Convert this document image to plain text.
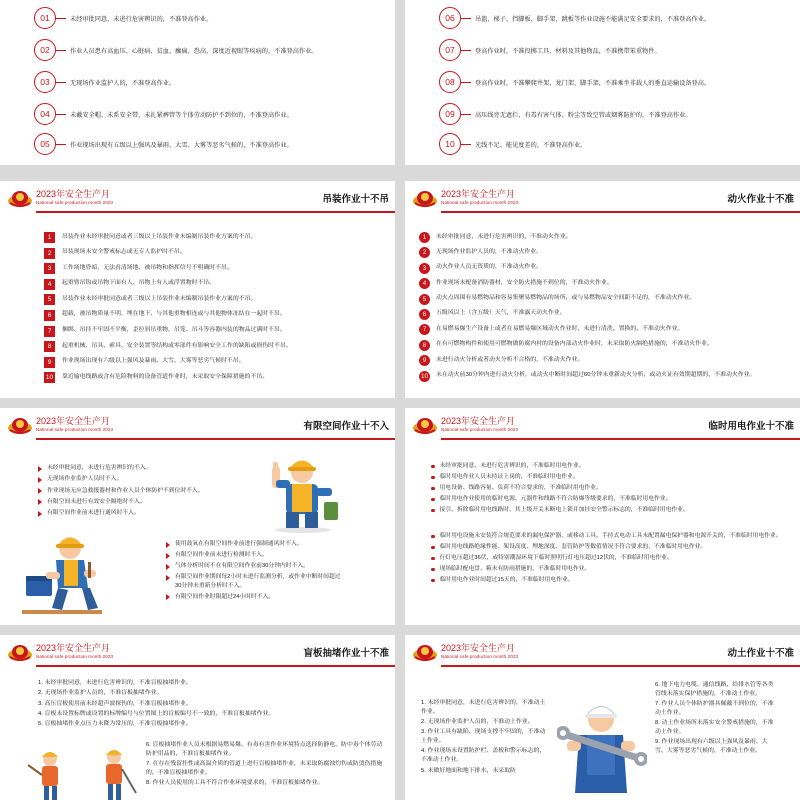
01	未经审批同意，未进行危害辨识的，不准登高作业。
02	作业人员患有高血压、心脏病、贫血、癫痫、恐高、深度近视眼等疾病的，不准登高作业。
03	无现场作业监护人的，不准登高作业。
04	未戴安全帽、未系安全带、未扎紧裤管等个体劳动防护不到位的，不准登高作业。
05	作业现场出现有五级以上强风及暴雨、大雪、大雾等恶劣气候的，不准登高作业。
06	吊篮、梯子、挡脚板、脚手架、跳板等作业设施不能满足安全要求的，不准登高作业。
07	登高作业时，不准投掷工具、材料及其他物品，不准携带笨重物件。
08	登高作业时，不准攀爬井架、龙门架、脚手架，不准乘坐非载人的垂直运输设备登高。
09	高压线旁无遮拦，有毒有害气体、粉尘等致空管或烟雾防护的，不准登高作业。
10	光线不足、能见度差的，不准登高作业。
2023年安全生产月
National safe production month 2023	吊装作业十不吊
1	吊装作业未经审批同意或者三级以上吊装作业未编制吊装作业方案的不吊。
2	吊装现场未安全警戒标志或无专人监护时不吊。
3	工作场地昏暗，无法看清场地、被吊物和指挥信号不明确时不吊。
4	起重臂吊钩或吊物下面有人、吊物上有人或浮置物时不吊。
5	吊装作业未经审批同意或者三级以上吊装作业未编制吊装作业方案的不吊。
6	超载，被吊物质量不明、埋在地下、与其他重物相连或与其他物体冻结在一起时不吊。
7	捆绑、吊挂不牢固不平衡，歪拉斜吊重物，吊笼、吊斗等容器内装的物品过满时不吊。
8	起重机械、吊具、索具、安全装置等结构或零部件有影响安全工作的缺陷或损伤时不吊。
9	作业现场出现有六级以上强风及暴雨、大雪、大雾等恶劣气候时不吊。
10	靠近输电线路或含有危险物料的设备管道作业时，未采取安全保障措施的不吊。
2023年安全生产月
National safe production month 2023	动火作业十不准
1	未经审批同意，未进行危害辨识的，不准动火作业。
2	无现场作业监护人员的，不准动火作业。
3	动火作业人员无资质的，不准动火作业。
4	作业现场未配备消防器材，安全防火措施不到位的，不准动火作业。
5	动火点周围有易燃物品和容易集聚易燃物品的场所，或与易燃物品安全间距不足的，不准动火作业。
6	五级风以上（含五级）天气，不准露天动火作业。
7	在易燃易爆生产设备上或者在易燃易爆区域动火作业时，未进行清洗、置换的，不准动火作业。
8	在有可燃物构件和使用可燃物做防腐内衬的设备内部动火作业时，未采取防火隔绝措施的，不准动火作业。
9	未进行动火分析或者动火分析不合格的，不准动火作业。
10	未在动火前30分钟内进行动火分析，或动火中断时间超过60分钟未重新动火分析，或动火证有效期超期的，不准动火作业。
2023年安全生产月
National safe production month 2023	有限空间作业十不入
未经审批同意，未进行危害辨识的不入。
无现场作业监护人员时不入。
作业现场无应急救援器材和作业人员个体防护不到位时不入。
有限空间未进行有效安全隔绝时不入。
有限空间作业前未进行通风时不入。
使用鼓氧在有限空间作业前进行强制通风时不入。
有限空间作业前未进行检测时不入。
气体分析时间不在有限空间作业前30分钟内时不入。
有限空间作业期间每2小时未进行监测分析，或作业中断时间超过30分钟未重新分析时不入。
有限空间作业时限超过24小时时不入。
2023年安全生产月
National safe production month 2023	临时用电作业十不准
未经审批同意，未进行危害辨识的，不准临时用电作业。
临时用电作业人员未持证上岗的，不准临时用电作业。
用电设备、线路容量、负荷不符合要求的，不准临时用电作业。
临时用电作业使用的临时电源、元器件和线路不符合防爆等级要求的，不准临时用电作业。
接引、拆除临时用电线路时，其上级开关未断电上锁并加挂安全警示标志的，不准临时用电作业。
临时用电设施未安装符合规范要求的漏电保护器，或移动工具、手持式电动工具未配置漏电保护器和电源开关的，不准临时用电作业。
临时用电线路绝缘性能、架设高度、埋地深度、套管防护等数值情况不符合要求的，不准临时用电作业。
行灯电压超过36伏，或特别潮湿环境下临时照明行灯电压超过12伏的，不准临时用电作业。
现场临时配电盘、箱未有防雨措施的，不准临时用电作业。
临时用电作业时间超过15天的，不准临时用电作业。
2023年安全生产月
National safe production month 2023	盲板抽堵作业十不准
1. 未经审批同意，未进行危害辨识的，不准盲板抽堵作业。
2. 无现场作业监护人员的，不准盲板抽堵作业。
3. 高压盲板使用前未经超声波探伤的，不准盲板抽堵作业。
4. 盲板未设置标牌或设置的标牌编号与位置图上的盲板编号不一致的，不准盲板抽堵作业。
5. 盲板抽堵作业点压力未降为常压的，不准盲板抽堵作业。
6. 盲板抽堵作业人员未根据易燃易爆、有毒有害作业环境特点选择防静电、防中毒个体劳动防护用品的，不准盲板抽堵作业。
7. 在存在残留挂性或高温介质的管道上进行盲板抽堵作业，未采取防腐蚀灼伤或防烫伤措施的，不准盲板抽堵作业。
8. 作业人员使用的工具不符合作业环境要求的，不准盲板抽堵作业。
2023年安全生产月
National safe production month 2023	动土作业十不准
1. 未经审批同意，未进行危害辨识的，不准动土作业。
2. 无现场作业监护人员的，不准动土作业。
3. 作业工具有缺陷、现场支撑不牢固的，不准动土作业。
4. 作业现场未设置防护栏、盖板和警示标志的，不准动土作业。
5. 未做好地面和地下排水，未采取防
6. 地下电力电缆、通信线路、给排水管等各类管线未落实保护措施的，不准动土作业。
7. 作业人员个体防护器具佩戴不到位的，不准动土作业。
8. 动土作业场所未落实安全警戒措施的，不准动土作业。
9. 作业现场出现有六级以上强风及暴雨、大雪、大雾等恶劣气候的，不准动土作业。
